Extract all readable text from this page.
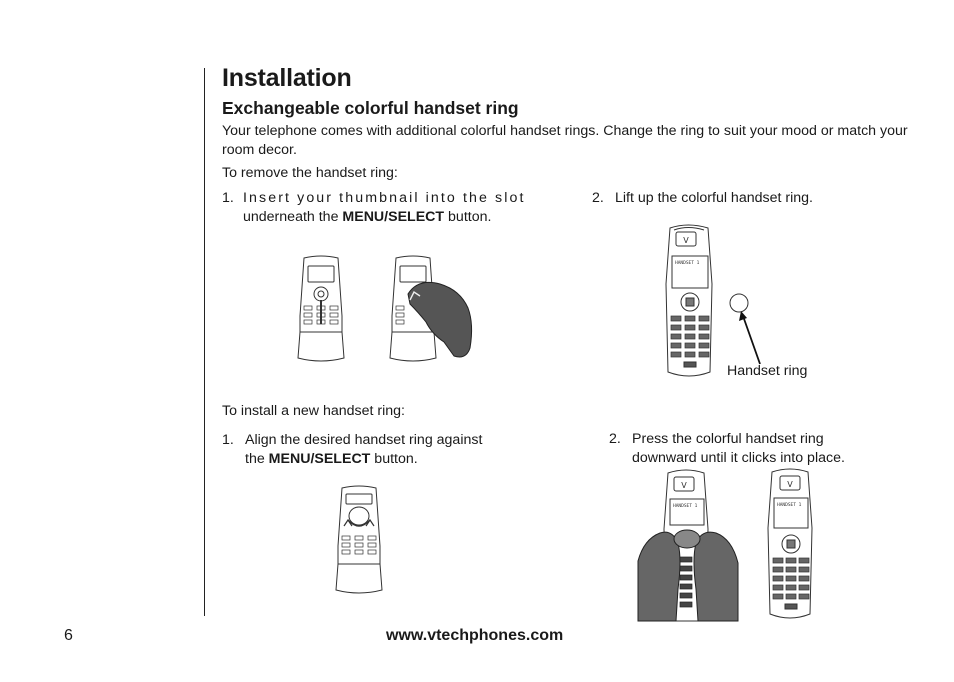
Installation
Exchangeable colorful handset ring
Your telephone comes with additional colorful handset rings. Change the ring to suit your mood or match your room decor.
To remove the handset ring:
1. Insert your thumbnail into the slot
underneath the MENU/SELECT button.
2. Lift up the colorful handset ring.
V
HANDSET 1
Handset ring
To install a new handset ring:
1. Align the desired handset ring against
the MENU/SELECT button.
2. Press the colorful handset ring
downward until it clicks into place.
V
HANDSET 1
V
HANDSET 1
6	www.vtechphones.com
